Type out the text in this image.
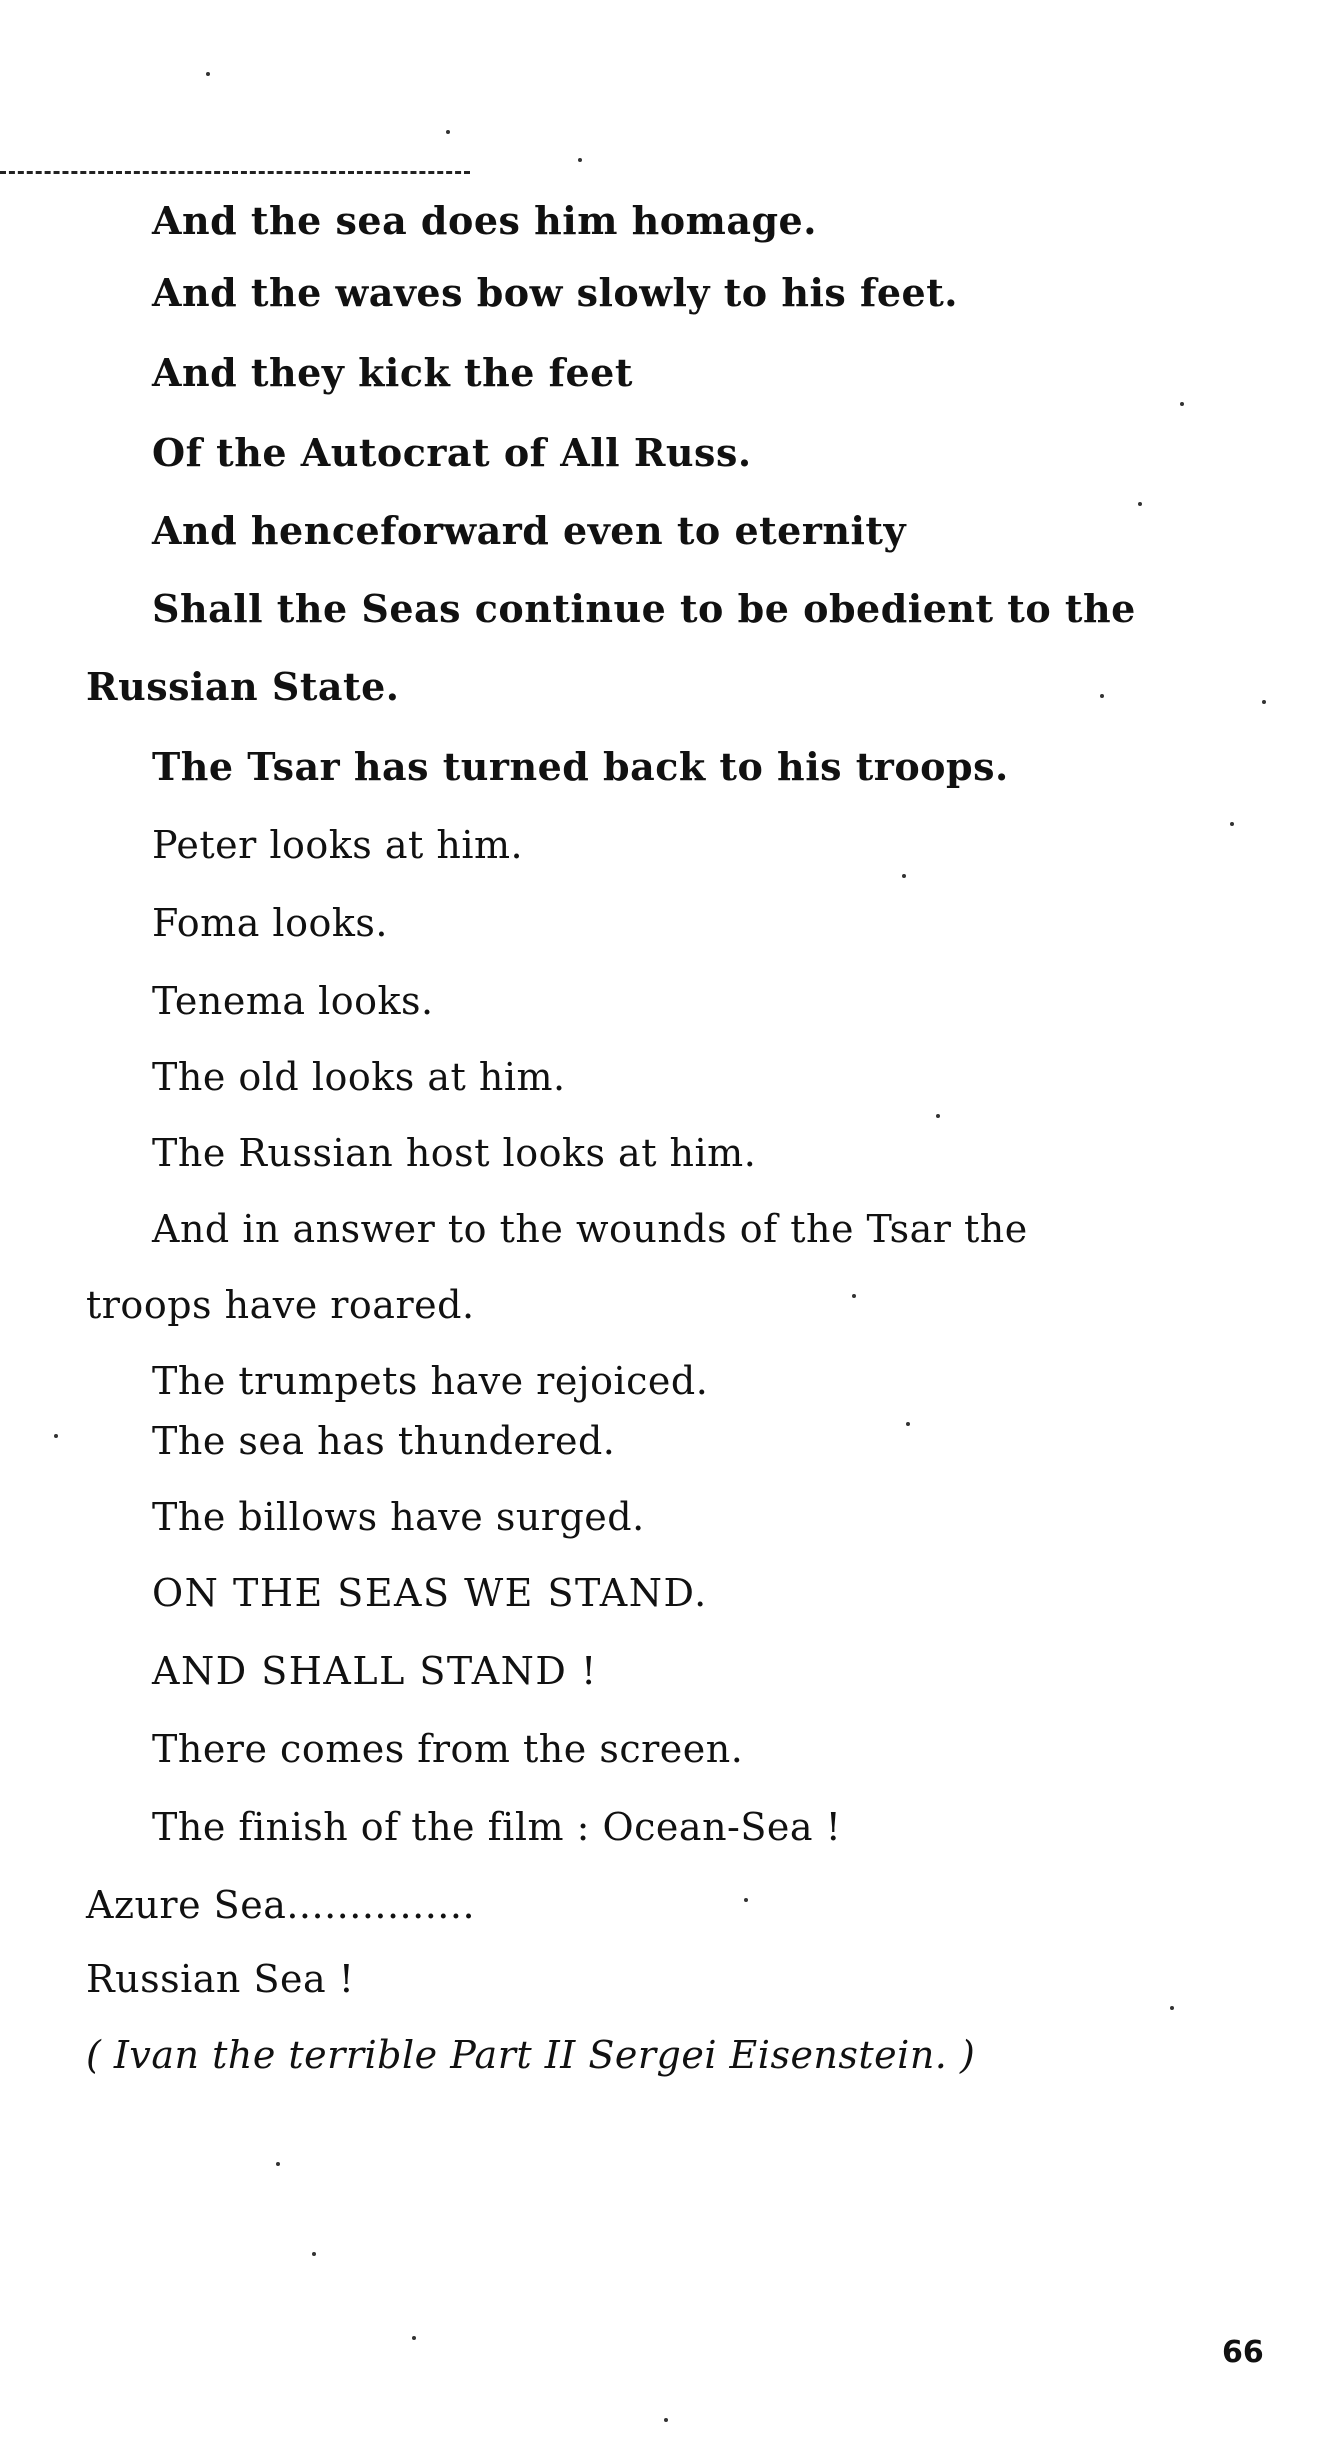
And the sea does him homage.
And the waves bow slowly to his feet.
And they kick the feet
Of the Autocrat of All Russ.
And henceforward even to eternity
Shall the Seas continue to be obedient to the
Russian State.
The Tsar has turned back to his troops.
Peter looks at him.
Foma looks.
Tenema looks.
The old looks at him.
The Russian host looks at him.
And in answer to the wounds of the Tsar the
troops have roared.
The trumpets have rejoiced.
The sea has thundered.
The billows have surged.
ON THE SEAS WE STAND.
AND SHALL STAND !
There comes from the screen.
The finish of the film : Ocean-Sea !
Azure Sea...............
Russian Sea !
( Ivan the terrible Part II Sergei Eisenstein. )
66
